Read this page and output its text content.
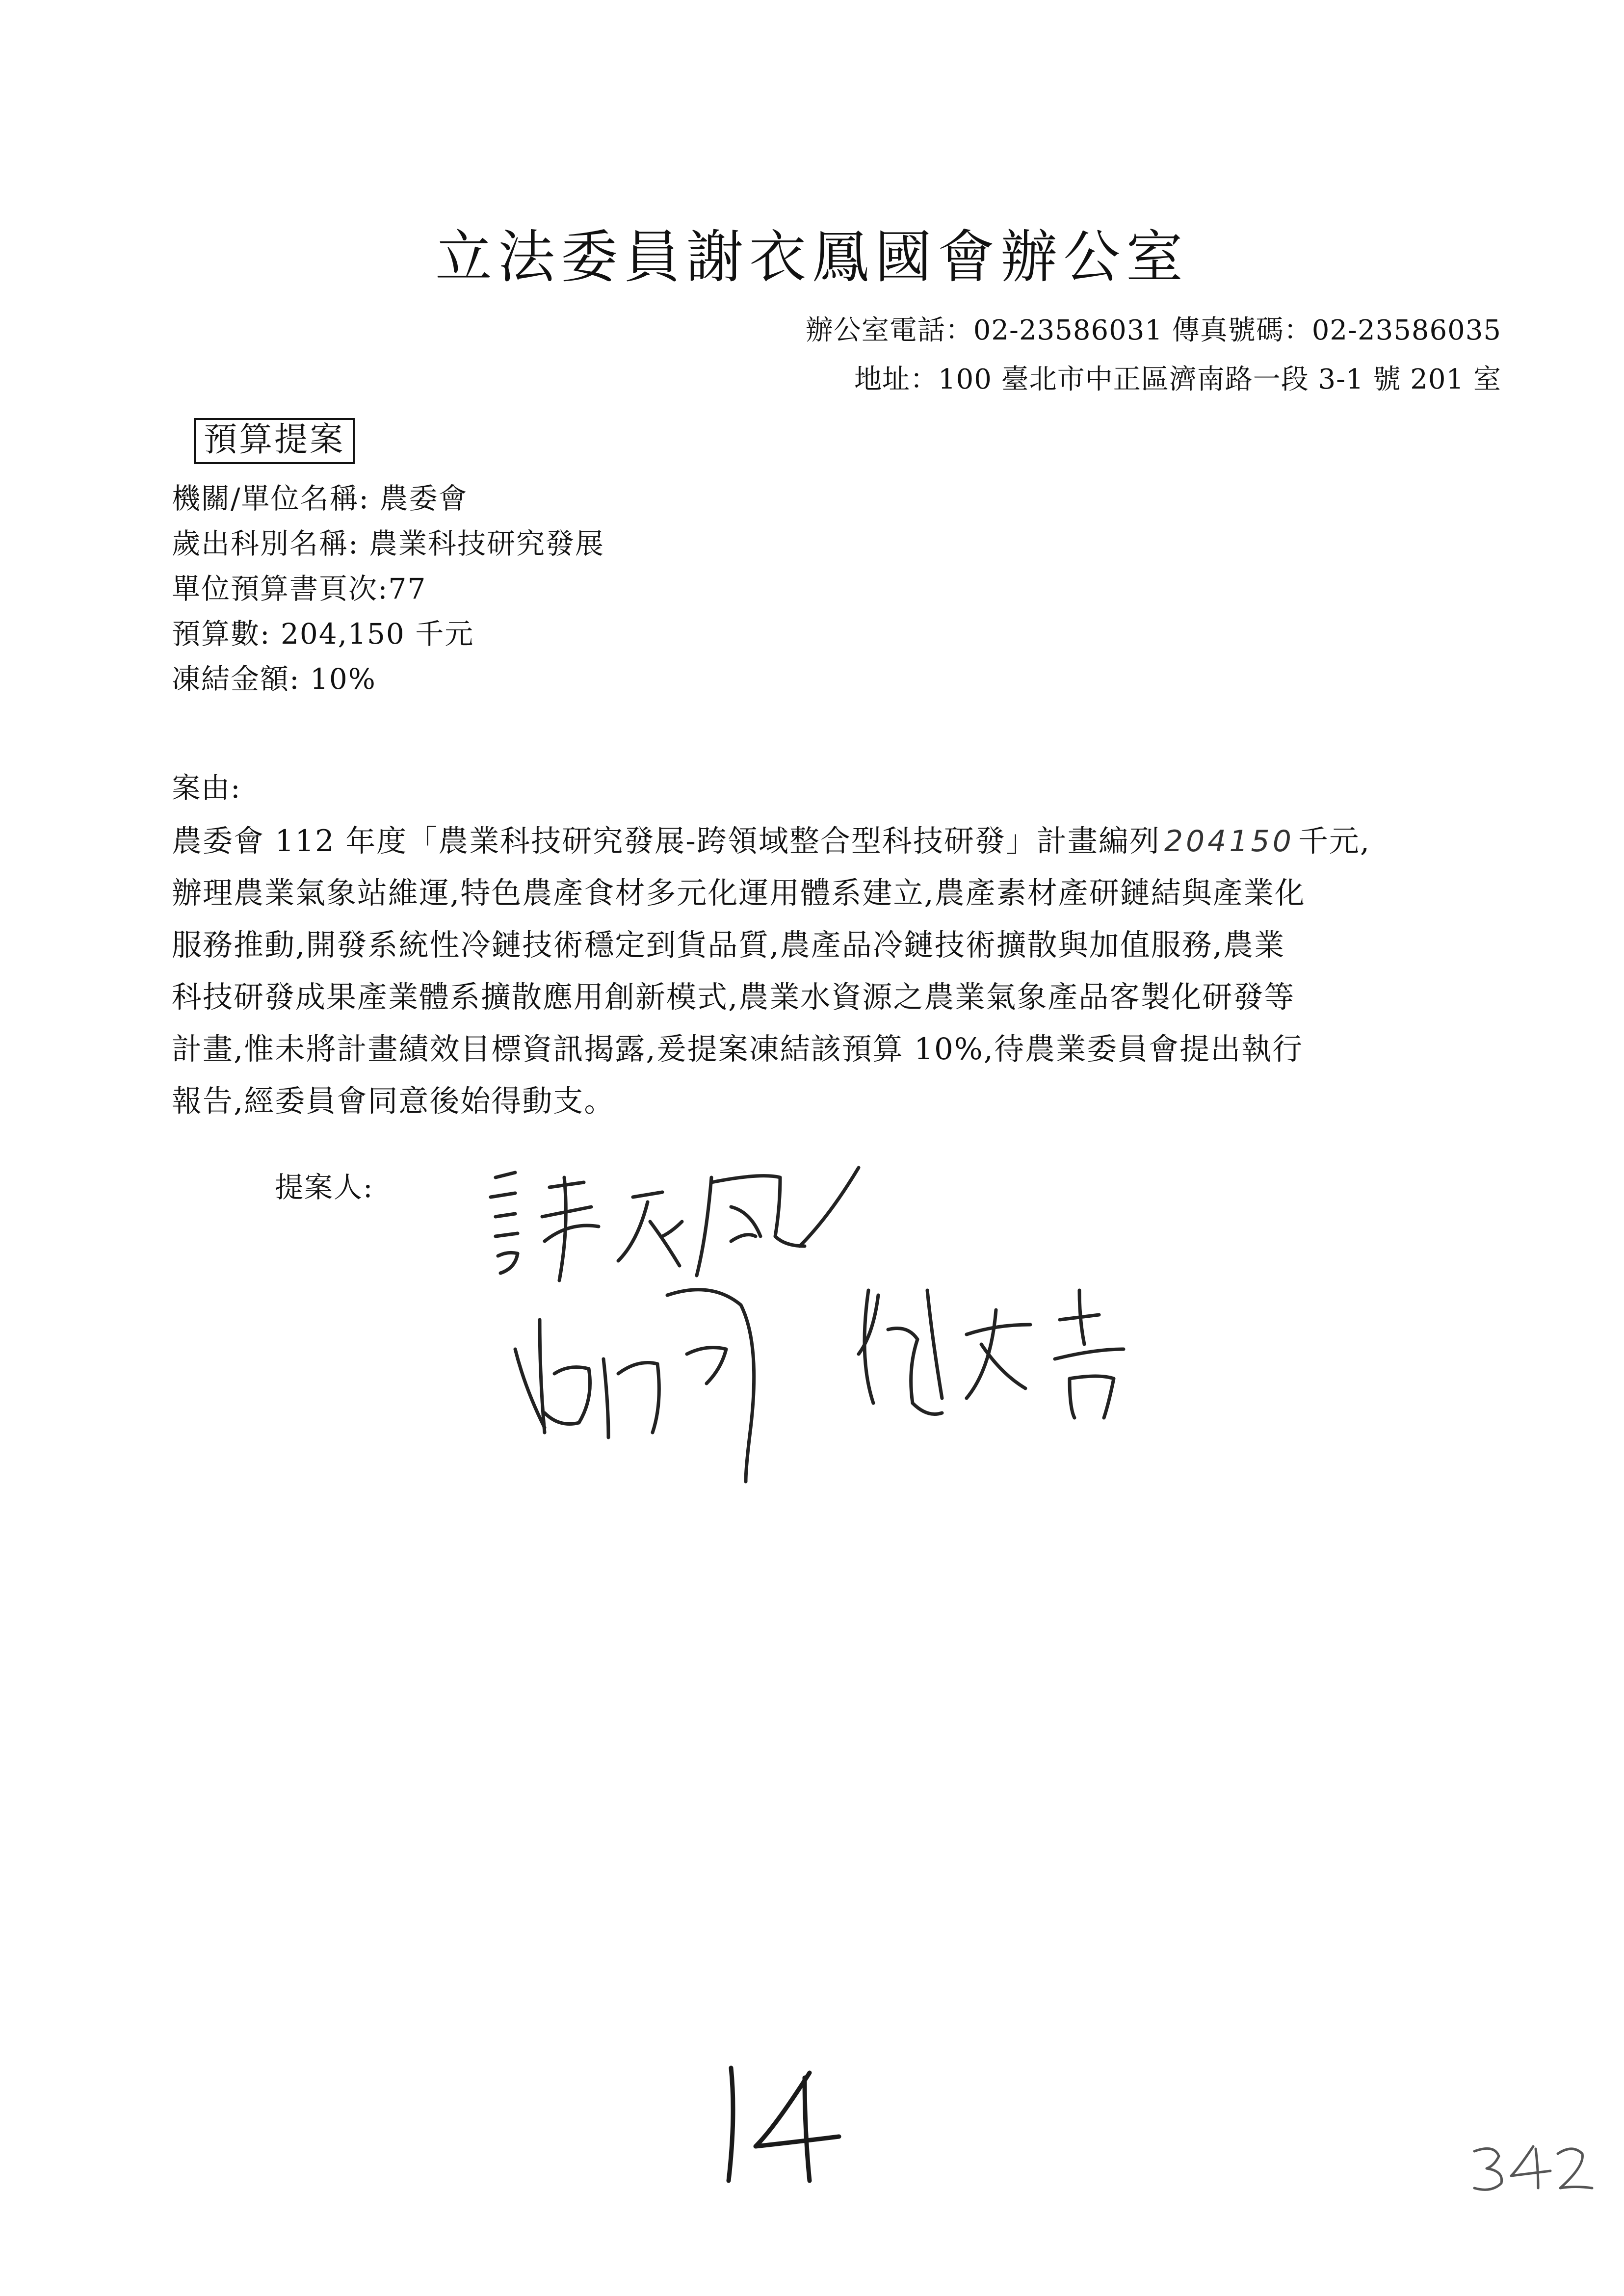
立法委員謝衣鳳國會辦公室
辦公室電話：02-23586031 傳真號碼：02-23586035
地址：100 臺北市中正區濟南路一段 3-1 號 201 室
預算提案
機關/單位名稱: 農委會
歲出科別名稱: 農業科技研究發展
單位預算書頁次:77
預算數: 204,150 千元
凍結金額: 10%
案由:
農委會 112 年度「農業科技研究發展-跨領域整合型科技研發」計畫編列 204150 千元,
辦理農業氣象站維運,特色農產食材多元化運用體系建立,農產素材產研鏈結與產業化
服務推動,開發系統性冷鏈技術穩定到貨品質,農產品冷鏈技術擴散與加值服務,農業
科技研發成果產業體系擴散應用創新模式,農業水資源之農業氣象產品客製化研發等
計畫,惟未將計畫績效目標資訊揭露,爰提案凍結該預算 10%,待農業委員會提出執行
報告,經委員會同意後始得動支。
提案人:
